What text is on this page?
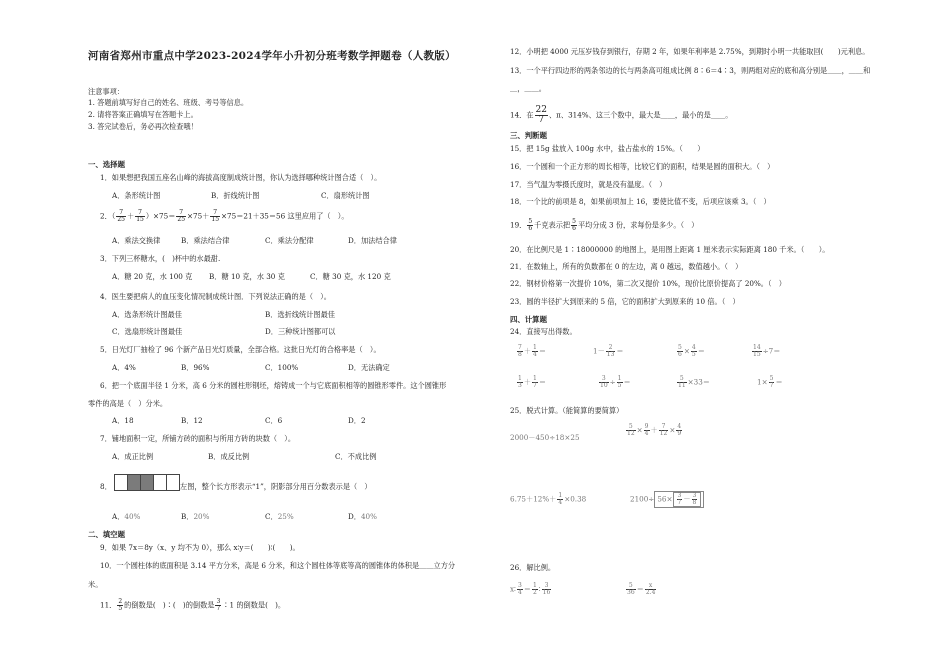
河南省郑州市重点中学2023-2024学年小升初分班考数学押题卷（人教版）
注意事项：
1. 答题前填写好自己的姓名、班级、考号等信息。
2. 请将答案正确填写在答题卡上。
3. 答完试卷后，务必再次检查哦！
一、选择题
1．如果想把我国五座名山峰的海拔高度制成统计图，你认为选择哪种统计图合适（　）。
A．条形统计图	B．折线统计图	C．扇形统计图
2．（ $\frac{7}{25} + \frac{7}{15} )\times 75= \frac{7}{25} \times 75+ \frac{7}{15} \times 75=21+35=56$ 这里应用了（　）。
A．乘法交换律	B．乘法结合律	C．乘法分配律	D．加法结合律
3．下列三杯糖水，(　)杯中的水最甜.
A．糖 20 克，水 100 克 B．糖 10 克，水 30 克	C．糖 30 克，水 120 克
4．医生要把病人的血压变化情况制成统计图．下列说法正确的是（　）。
A．选条形统计图最佳	B．选折线统计图最佳
C．选扇形统计图最佳	D．三种统计图都可以
5．日光灯厂抽检了 96 个新产品日光灯质量，全部合格。这批日光灯的合格率是（　）。
A．4%	B．96%	C．100%	D．无法确定
6．把一个底面半径 1 分米，高 6 分米的圆柱形钢坯，熔铸成一个与它底面积相等的圆锥形零件。这个圆锥形
零件的高是（　）分米。
A．18	B．12	C．6	D．2
7．铺地面积一定，所铺方砖的面积与所用方砖的块数（　）。
A．成正比例	B．成反比例	C．不成比例
8．	左图，整个长方形表示“1”，阴影部分用百分数表示是（　）
A．40%	B．20%	C．25%	D．40%
二、填空题
9．如果 7x＝8y（x、y 均不为 0），那么 x∶y＝(　　)∶(　　)。
10．一个圆柱体的底面积是 3.14 平方分米，高是 6 分米，和这个圆柱体等底等高的圆锥体的体积是＿＿立方分
米。
11． $\frac{2}{5}$ 的倒数是(　)∶(　)的倒数是 $\frac{3}{7}$ ∶1 的倒数是(　)。
12．小明把 4000 元压岁钱存到银行，存期 2 年，如果年利率是 2.75%，到期时小明一共能取回(　　)元利息。
13．一个平行四边形的两条邻边的长与两条高可组成比例 8∶6＝4∶3，则两组对应的底和高分别是＿＿，＿＿和
＿，＿＿。
14．在 $\frac{22}{7}$ 、π、314%、这三个数中，最大是＿＿，最小的是＿＿。
三、判断题
15．把 15g 盐放入 100g 水中，盐占盐水的 15%。（　　）
16．一个圆和一个正方形的周长相等，比较它们的面积，结果是圆的面积大。（　）
17．当气温为零摄氏度时，就是没有温度。（　）
18．一个比的前项是 8，如果前项加上 16，要使比值不变，后项应该乘 3。（　）
19． $\frac{5}{6}$ 千克表示把 $\frac{5}{6}$ 平均分成 3 份，求每份是多少。（　）
20．在比例尺是 1∶18000000 的地图上，是用图上距离 1 厘米表示实际距离 180 千米。（　　）。
21．在数轴上，所有的负数都在 0 的左边，离 0 越远，数值越小。（　）
22．钢材价格第一次提价 10%，第二次又提价 10%，现价比原价提高了 20%。（　）
23．圆的半径扩大到原来的 5 倍，它的面积扩大到原来的 10 倍。（　）
四、计算题
24．直接写出得数。
$\frac{7}{8} + \frac{1}{4}$ ＝	$1- \frac{2}{13}$ ＝	$\frac{5}{6} \times \frac{4}{5}$ ＝	$\frac{14}{15} \div 7=$
$\frac{1}{3} + \frac{1}{7}$ ＝	$\frac{3}{10} \div \frac{1}{5}$ ＝	$\frac{5}{11} \times 33=$	$1\times \frac{5}{7}$ ＝
25．脱式计算。（能简算的要简算）
2000－450÷18×25
$\frac{5}{12} \times \frac{9}{4} + \frac{7}{12} \times \frac{4}{9}$
$6.75+12\%+ \frac{1}{4} \times 0.38$	$2100\div 56\times \frac{3}{7} - \frac{3}{8}$
26．解比例。
x∶ $\frac{3}{4} = \frac{1}{2}$ ∶ $\frac{3}{16}$	$\frac{5}{36} = \frac{x}{2.4}$
